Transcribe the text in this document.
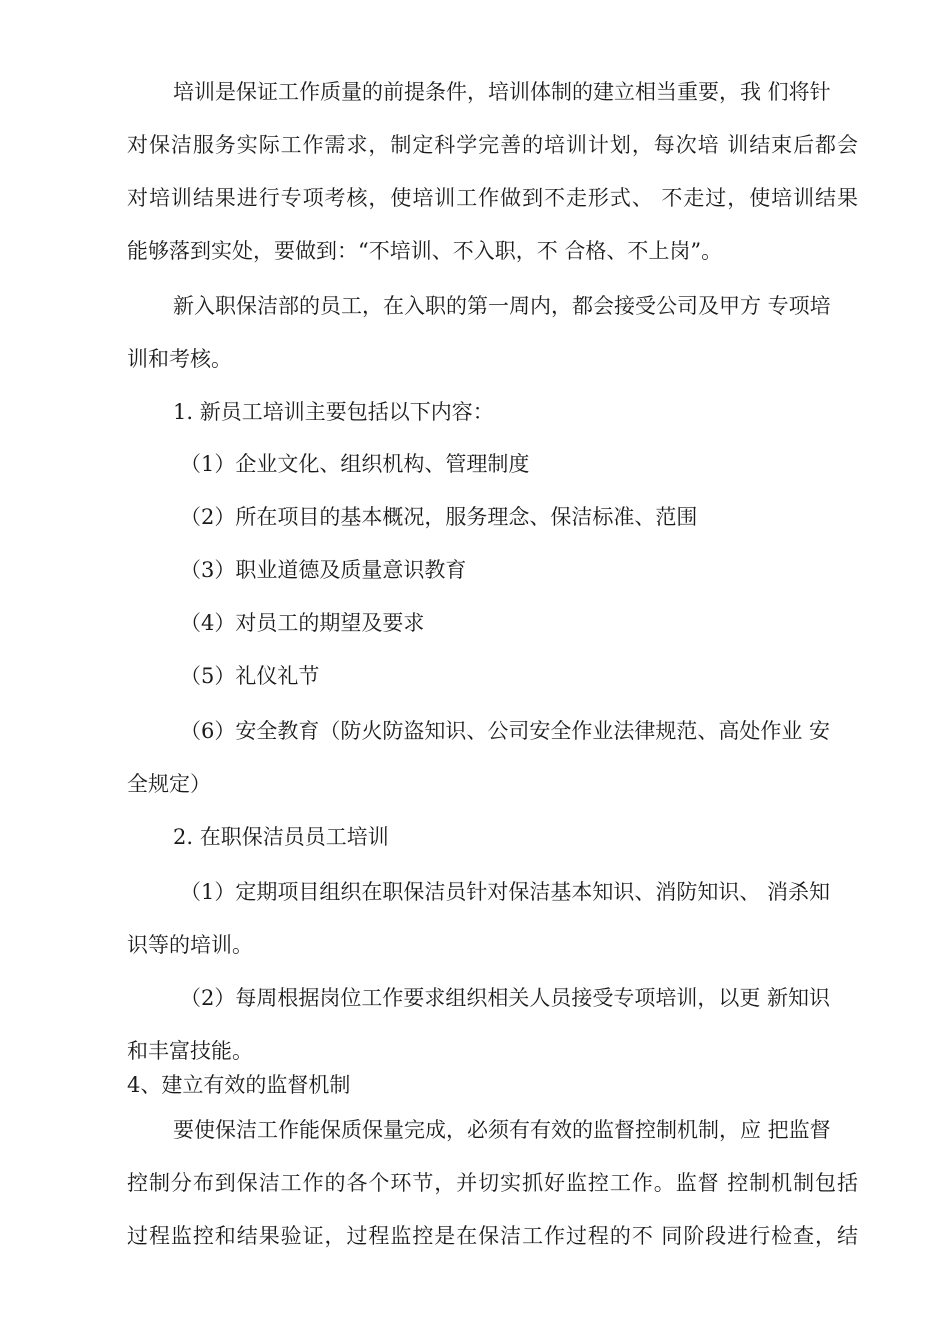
培训是保证工作质量的前提条件，培训体制的建立相当重要，我 们将针
对保洁服务实际工作需求，制定科学完善的培训计划，每次培 训结束后都会
对培训结果进行专项考核，使培训工作做到不走形式、 不走过，使培训结果
能够落到实处，要做到：“不培训、不入职，不 合格、不上岗”。
新入职保洁部的员工，在入职的第一周内，都会接受公司及甲方 专项培
训和考核。
1. 新员工培训主要包括以下内容：
（1）企业文化、组织机构、管理制度
（2）所在项目的基本概况，服务理念、保洁标准、范围
（3）职业道德及质量意识教育
（4）对员工的期望及要求
（5）礼仪礼节
（6）安全教育（防火防盗知识、公司安全作业法律规范、高处作业 安
全规定）
2. 在职保洁员员工培训
（1）定期项目组织在职保洁员针对保洁基本知识、消防知识、 消杀知
识等的培训。
（2）每周根据岗位工作要求组织相关人员接受专项培训，以更 新知识
和丰富技能。
4、建立有效的监督机制
要使保洁工作能保质保量完成，必须有有效的监督控制机制，应 把监督
控制分布到保洁工作的各个环节，并切实抓好监控工作。监督 控制机制包括
过程监控和结果验证，过程监控是在保洁工作过程的不 同阶段进行检查，结
